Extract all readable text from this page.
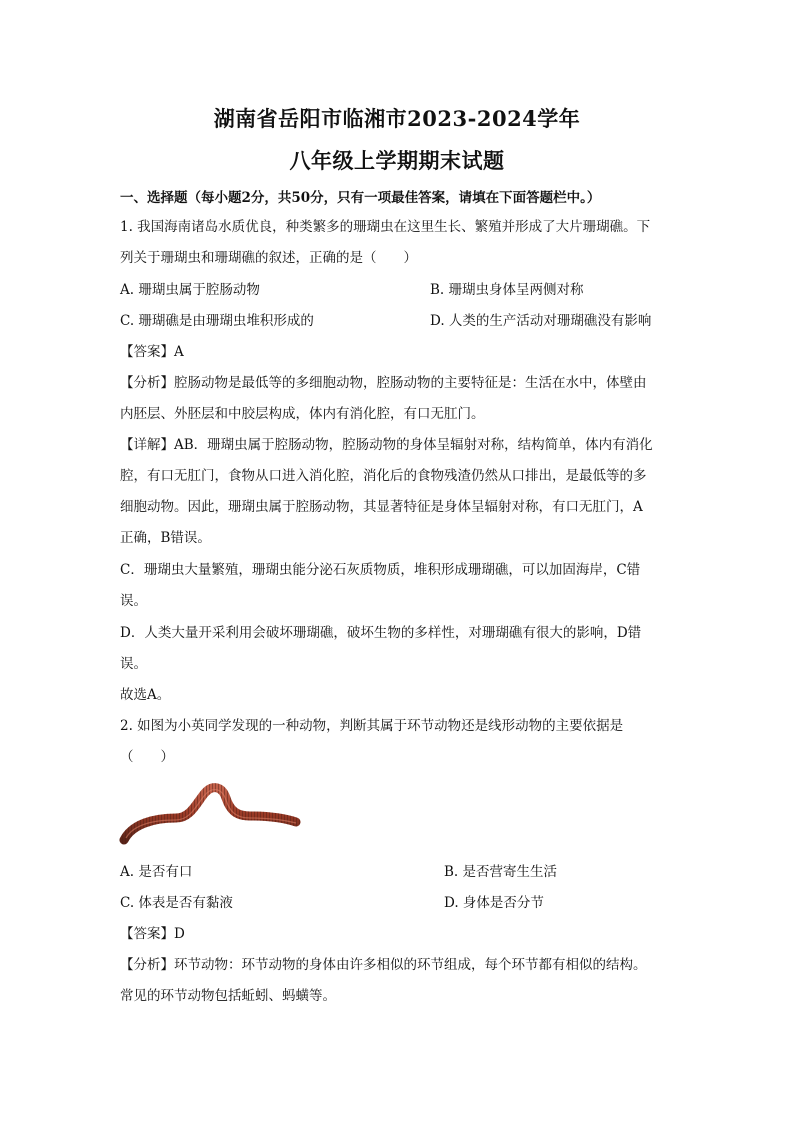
湖南省岳阳市临湘市2023-2024学年
八年级上学期期末试题
一、选择题（每小题2分，共50分，只有一项最佳答案，请填在下面答题栏中。）
1. 我国海南诸岛水质优良，种类繁多的珊瑚虫在这里生长、繁殖并形成了大片珊瑚礁。下
列关于珊瑚虫和珊瑚礁的叙述，正确的是（　　）
A. 珊瑚虫属于腔肠动物	B. 珊瑚虫身体呈两侧对称
C. 珊瑚礁是由珊瑚虫堆积形成的	D. 人类的生产活动对珊瑚礁没有影响
【答案】A
【分析】腔肠动物是最低等的多细胞动物，腔肠动物的主要特征是：生活在水中，体壁由
内胚层、外胚层和中胶层构成，体内有消化腔，有口无肛门。
【详解】AB．珊瑚虫属于腔肠动物，腔肠动物的身体呈辐射对称，结构简单，体内有消化
腔，有口无肛门，食物从口进入消化腔，消化后的食物残渣仍然从口排出，是最低等的多
细胞动物。因此，珊瑚虫属于腔肠动物，其显著特征是身体呈辐射对称，有口无肛门，A
正确，B错误。
C．珊瑚虫大量繁殖，珊瑚虫能分泌石灰质物质，堆积形成珊瑚礁，可以加固海岸，C错
误。
D．人类大量开采利用会破坏珊瑚礁，破坏生物的多样性，对珊瑚礁有很大的影响，D错
误。
故选A。
2. 如图为小英同学发现的一种动物，判断其属于环节动物还是线形动物的主要依据是
（　　）
A. 是否有口	B. 是否营寄生生活
C. 体表是否有黏液	D. 身体是否分节
【答案】D
【分析】环节动物：环节动物的身体由许多相似的环节组成，每个环节都有相似的结构。
常见的环节动物包括蚯蚓、蚂蟥等。
